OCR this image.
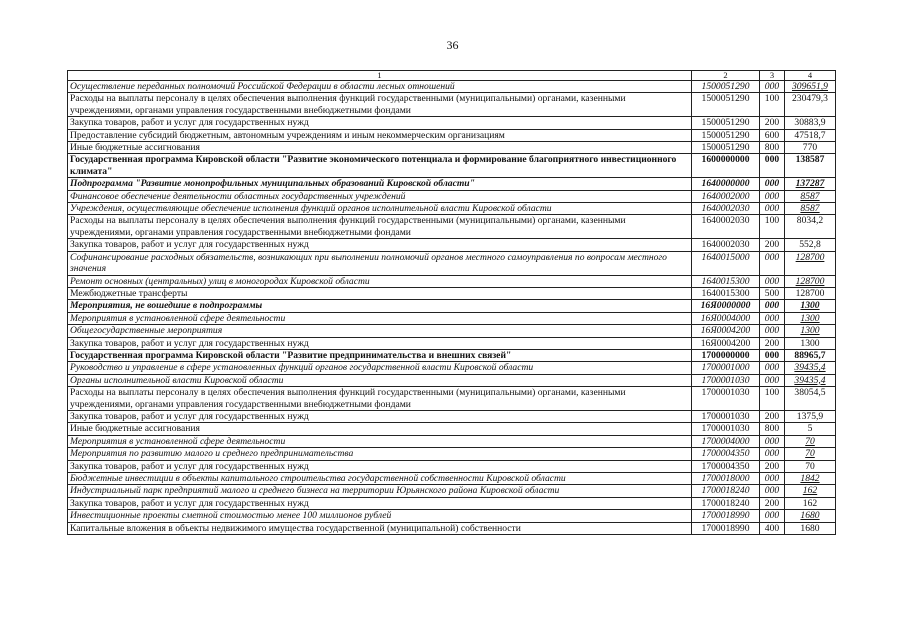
36
1	2	3	4
Осуществление переданных полномочий Российской Федерации в области лесных отношений	1500051290	000	309651,9
Расходы на выплаты персоналу в целях обеспечения выполнения функций государственными (муниципальными) органами, казенными учреждениями, органами управления государственными внебюджетными фондами	1500051290	100	230479,3
Закупка товаров, работ и услуг для государственных нужд	1500051290	200	30883,9
Предоставление субсидий бюджетным, автономным учреждениям и иным некоммерческим организациям	1500051290	600	47518,7
Иные бюджетные ассигнования	1500051290	800	770
Государственная программа Кировской области "Развитие экономического потенциала и формирование благоприятного инвестиционного климата"	1600000000	000	138587
Подпрограмма "Развитие монопрофильных муниципальных образований Кировской области"	1640000000	000	137287
Финансовое обеспечение деятельности областных государственных учреждений	1640002000	000	8587
Учреждения, осуществляющие обеспечение исполнения функций органов исполнительной власти Кировской области	1640002030	000	8587
Расходы на выплаты персоналу в целях обеспечения выполнения функций государственными (муниципальными) органами, казенными учреждениями, органами управления государственными внебюджетными фондами	1640002030	100	8034,2
Закупка товаров, работ и услуг для государственных нужд	1640002030	200	552,8
Софинансирование расходных обязательств, возникающих при выполнении полномочий органов местного самоуправления по вопросам местного значения	1640015000	000	128700
Ремонт основных (центральных) улиц в моногородах Кировской области	1640015300	000	128700
Межбюджетные трансферты	1640015300	500	128700
Мероприятия, не вошедшие в подпрограммы	16Я0000000	000	1300
Мероприятия в установленной сфере деятельности	16Я0004000	000	1300
Общегосударственные мероприятия	16Я0004200	000	1300
Закупка товаров, работ и услуг для государственных нужд	16Я0004200	200	1300
Государственная программа Кировской области "Развитие предпринимательства и внешних связей"	1700000000	000	88965,7
Руководство и управление в сфере установленных функций органов государственной власти Кировской области	1700001000	000	39435,4
Органы исполнительной власти Кировской области	1700001030	000	39435,4
Расходы на выплаты персоналу в целях обеспечения выполнения функций государственными (муниципальными) органами, казенными учреждениями, органами управления государственными внебюджетными фондами	1700001030	100	38054,5
Закупка товаров, работ и услуг для государственных нужд	1700001030	200	1375,9
Иные бюджетные ассигнования	1700001030	800	5
Мероприятия в установленной сфере деятельности	1700004000	000	70
Мероприятия по развитию малого и среднего предпринимательства	1700004350	000	70
Закупка товаров, работ и услуг для государственных нужд	1700004350	200	70
Бюджетные инвестиции в объекты капитального строительства государственной собственности Кировской области	1700018000	000	1842
Индустриальный парк предприятий малого и среднего бизнеса на территории Юрьянского района Кировской области	1700018240	000	162
Закупка товаров, работ и услуг для государственных нужд	1700018240	200	162
Инвестиционные проекты сметной стоимостью менее 100 миллионов рублей	1700018990	000	1680
Капитальные вложения в объекты недвижимого имущества государственной (муниципальной) собственности	1700018990	400	1680
